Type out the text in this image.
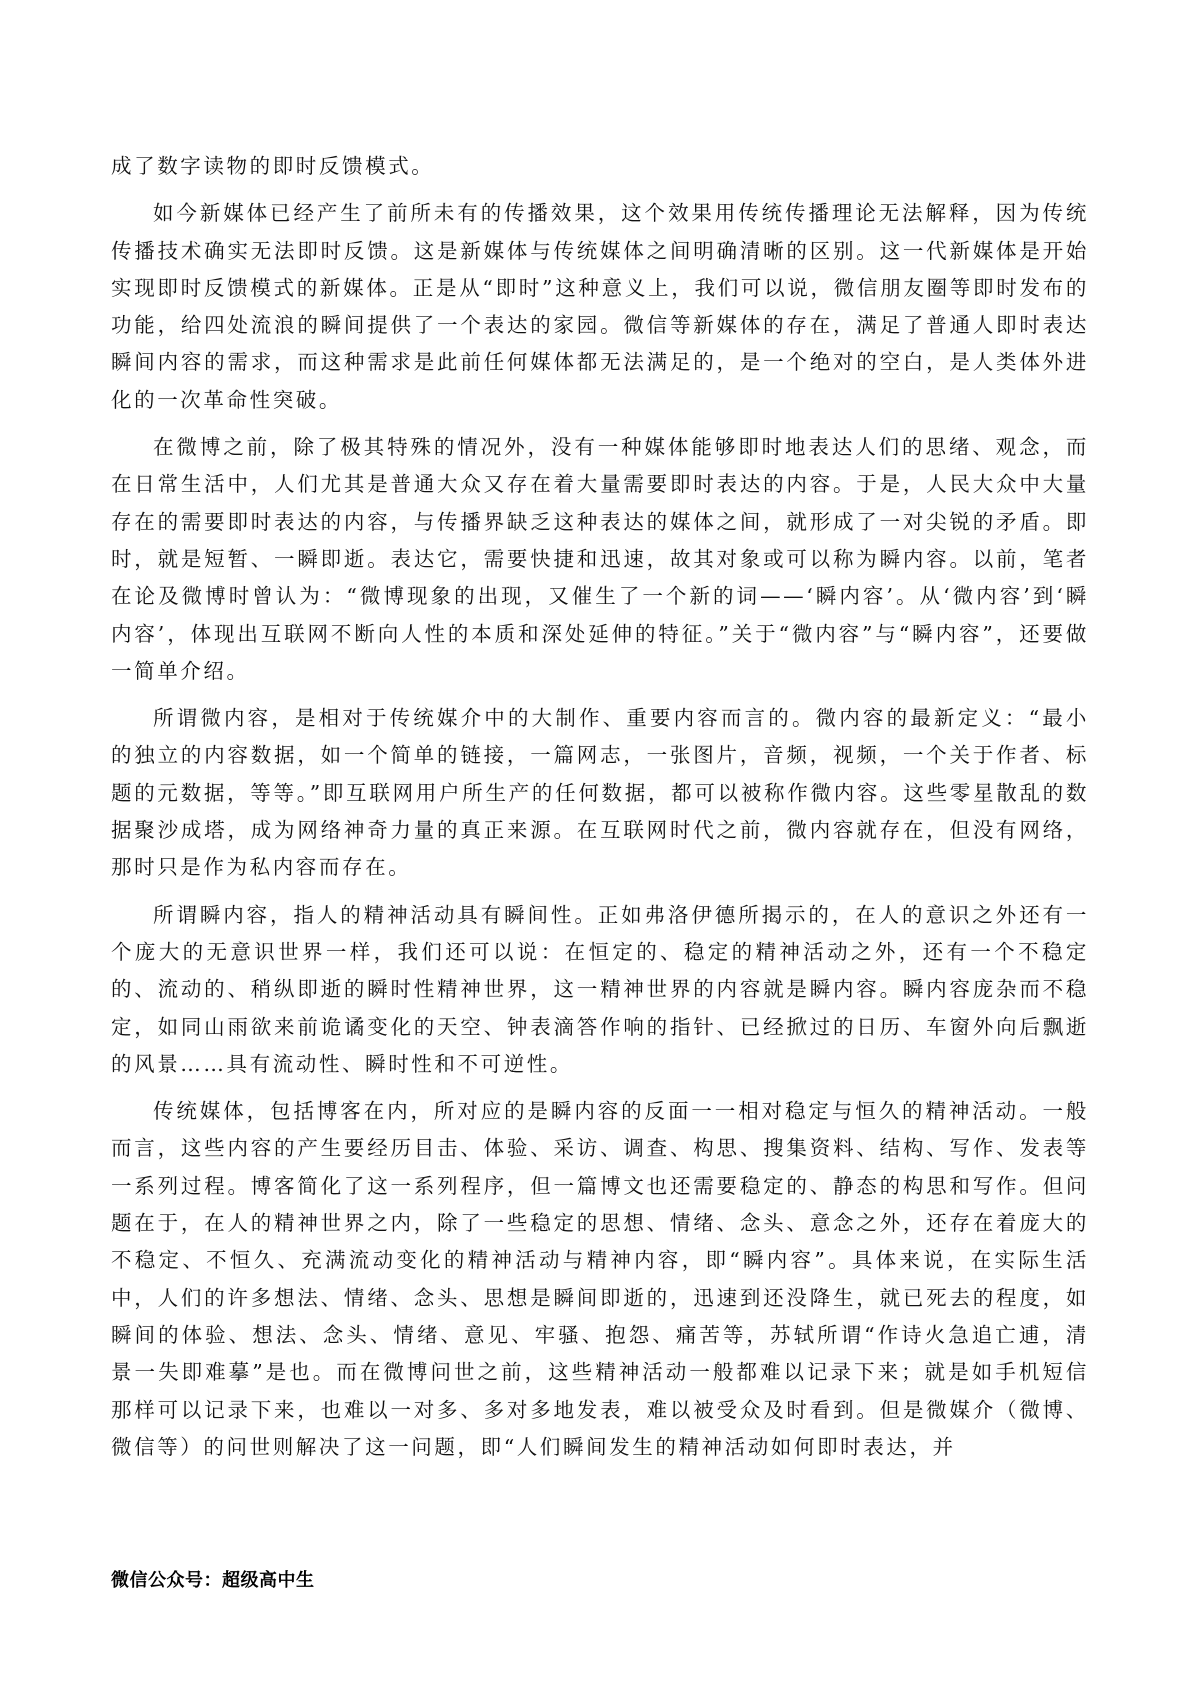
成了数字读物的即时反馈模式。

如今新媒体已经产生了前所未有的传播效果，这个效果用传统传播理论无法解释，因为传统传播技术确实无法即时反馈。这是新媒体与传统媒体之间明确清晰的区别。这一代新媒体是开始实现即时反馈模式的新媒体。正是从“即时”这种意义上，我们可以说，微信朋友圈等即时发布的功能，给四处流浪的瞬间提供了一个表达的家园。微信等新媒体的存在，满足了普通人即时表达瞬间内容的需求，而这种需求是此前任何媒体都无法满足的，是一个绝对的空白，是人类体外进化的一次革命性突破。

在微博之前，除了极其特殊的情况外，没有一种媒体能够即时地表达人们的思绪、观念，而在日常生活中，人们尤其是普通大众又存在着大量需要即时表达的内容。于是，人民大众中大量存在的需要即时表达的内容，与传播界缺乏这种表达的媒体之间，就形成了一对尖锐的矛盾。即时，就是短暂、一瞬即逝。表达它，需要快捷和迅速，故其对象或可以称为瞬内容。以前，笔者在论及微博时曾认为：“微博现象的出现，又催生了一个新的词——‘瞬内容’。从‘微内容’到‘瞬内容’，体现出互联网不断向人性的本质和深处延伸的特征。”关于“微内容”与“瞬内容”，还要做一简单介绍。

所谓微内容，是相对于传统媒介中的大制作、重要内容而言的。微内容的最新定义：“最小的独立的内容数据，如一个简单的链接，一篇网志，一张图片，音频，视频，一个关于作者、标题的元数据，等等。”即互联网用户所生产的任何数据，都可以被称作微内容。这些零星散乱的数据聚沙成塔，成为网络神奇力量的真正来源。在互联网时代之前，微内容就存在，但没有网络，那时只是作为私内容而存在。

所谓瞬内容，指人的精神活动具有瞬间性。正如弗洛伊德所揭示的，在人的意识之外还有一个庞大的无意识世界一样，我们还可以说：在恒定的、稳定的精神活动之外，还有一个不稳定的、流动的、稍纵即逝的瞬时性精神世界，这一精神世界的内容就是瞬内容。瞬内容庞杂而不稳定，如同山雨欲来前诡谲变化的天空、钟表滴答作响的指针、已经掀过的日历、车窗外向后飘逝的风景……具有流动性、瞬时性和不可逆性。

传统媒体，包括博客在内，所对应的是瞬内容的反面一一相对稳定与恒久的精神活动。一般而言，这些内容的产生要经历目击、体验、采访、调查、构思、搜集资料、结构、写作、发表等一系列过程。博客简化了这一系列程序，但一篇博文也还需要稳定的、静态的构思和写作。但问题在于，在人的精神世界之内，除了一些稳定的思想、情绪、念头、意念之外，还存在着庞大的不稳定、不恒久、充满流动变化的精神活动与精神内容，即“瞬内容”。具体来说，在实际生活中，人们的许多想法、情绪、念头、思想是瞬间即逝的，迅速到还没降生，就已死去的程度，如瞬间的体验、想法、念头、情绪、意见、牢骚、抱怨、痛苦等，苏轼所谓“作诗火急追亡逋，清景一失即难摹”是也。而在微博问世之前，这些精神活动一般都难以记录下来；就是如手机短信那样可以记录下来，也难以一对多、多对多地发表，难以被受众及时看到。但是微媒介（微博、微信等）的问世则解决了这一问题，即“人们瞬间发生的精神活动如何即时表达，并

微信公众号：超级高中生
